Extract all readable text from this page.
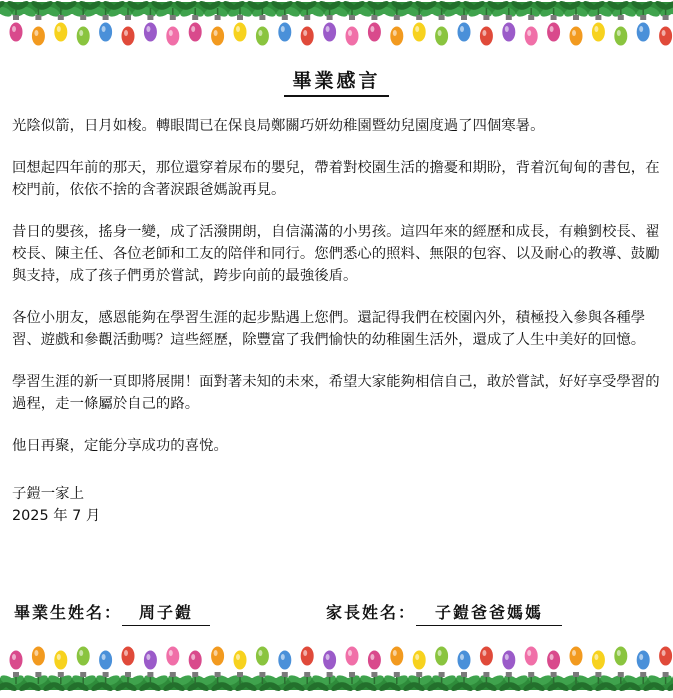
畢業感言

光陰似箭，日月如梭。轉眼間已在保良局鄭關巧妍幼稚園暨幼兒園度過了四個寒暑。

回想起四年前的那天，那位還穿着尿布的嬰兒，帶着對校園生活的擔憂和期盼，背着沉甸甸的書包，在校門前，依依不捨的含著淚跟爸媽說再見。

昔日的嬰孩，搖身一變，成了活潑開朗，自信滿滿的小男孩。這四年來的經歷和成長，有賴劉校長、翟校長、陳主任、各位老師和工友的陪伴和同行。您們悉心的照料、無限的包容、以及耐心的教導、鼓勵與支持，成了孩子們勇於嘗試，跨步向前的最強後盾。

各位小朋友，感恩能夠在學習生涯的起步點遇上您們。還記得我們在校園內外，積極投入參與各種學習、遊戲和參觀活動嗎？這些經歷，除豐富了我們愉快的幼稚園生活外，還成了人生中美好的回憶。

學習生涯的新一頁即將展開！面對著未知的未來，希望大家能夠相信自己，敢於嘗試，好好享受學習的過程，走一條屬於自己的路。

他日再聚，定能分享成功的喜悅。

子鎧一家上
2025 年 7 月
畢業生姓名： 周子鎧	家長姓名： 子鎧爸爸媽媽
